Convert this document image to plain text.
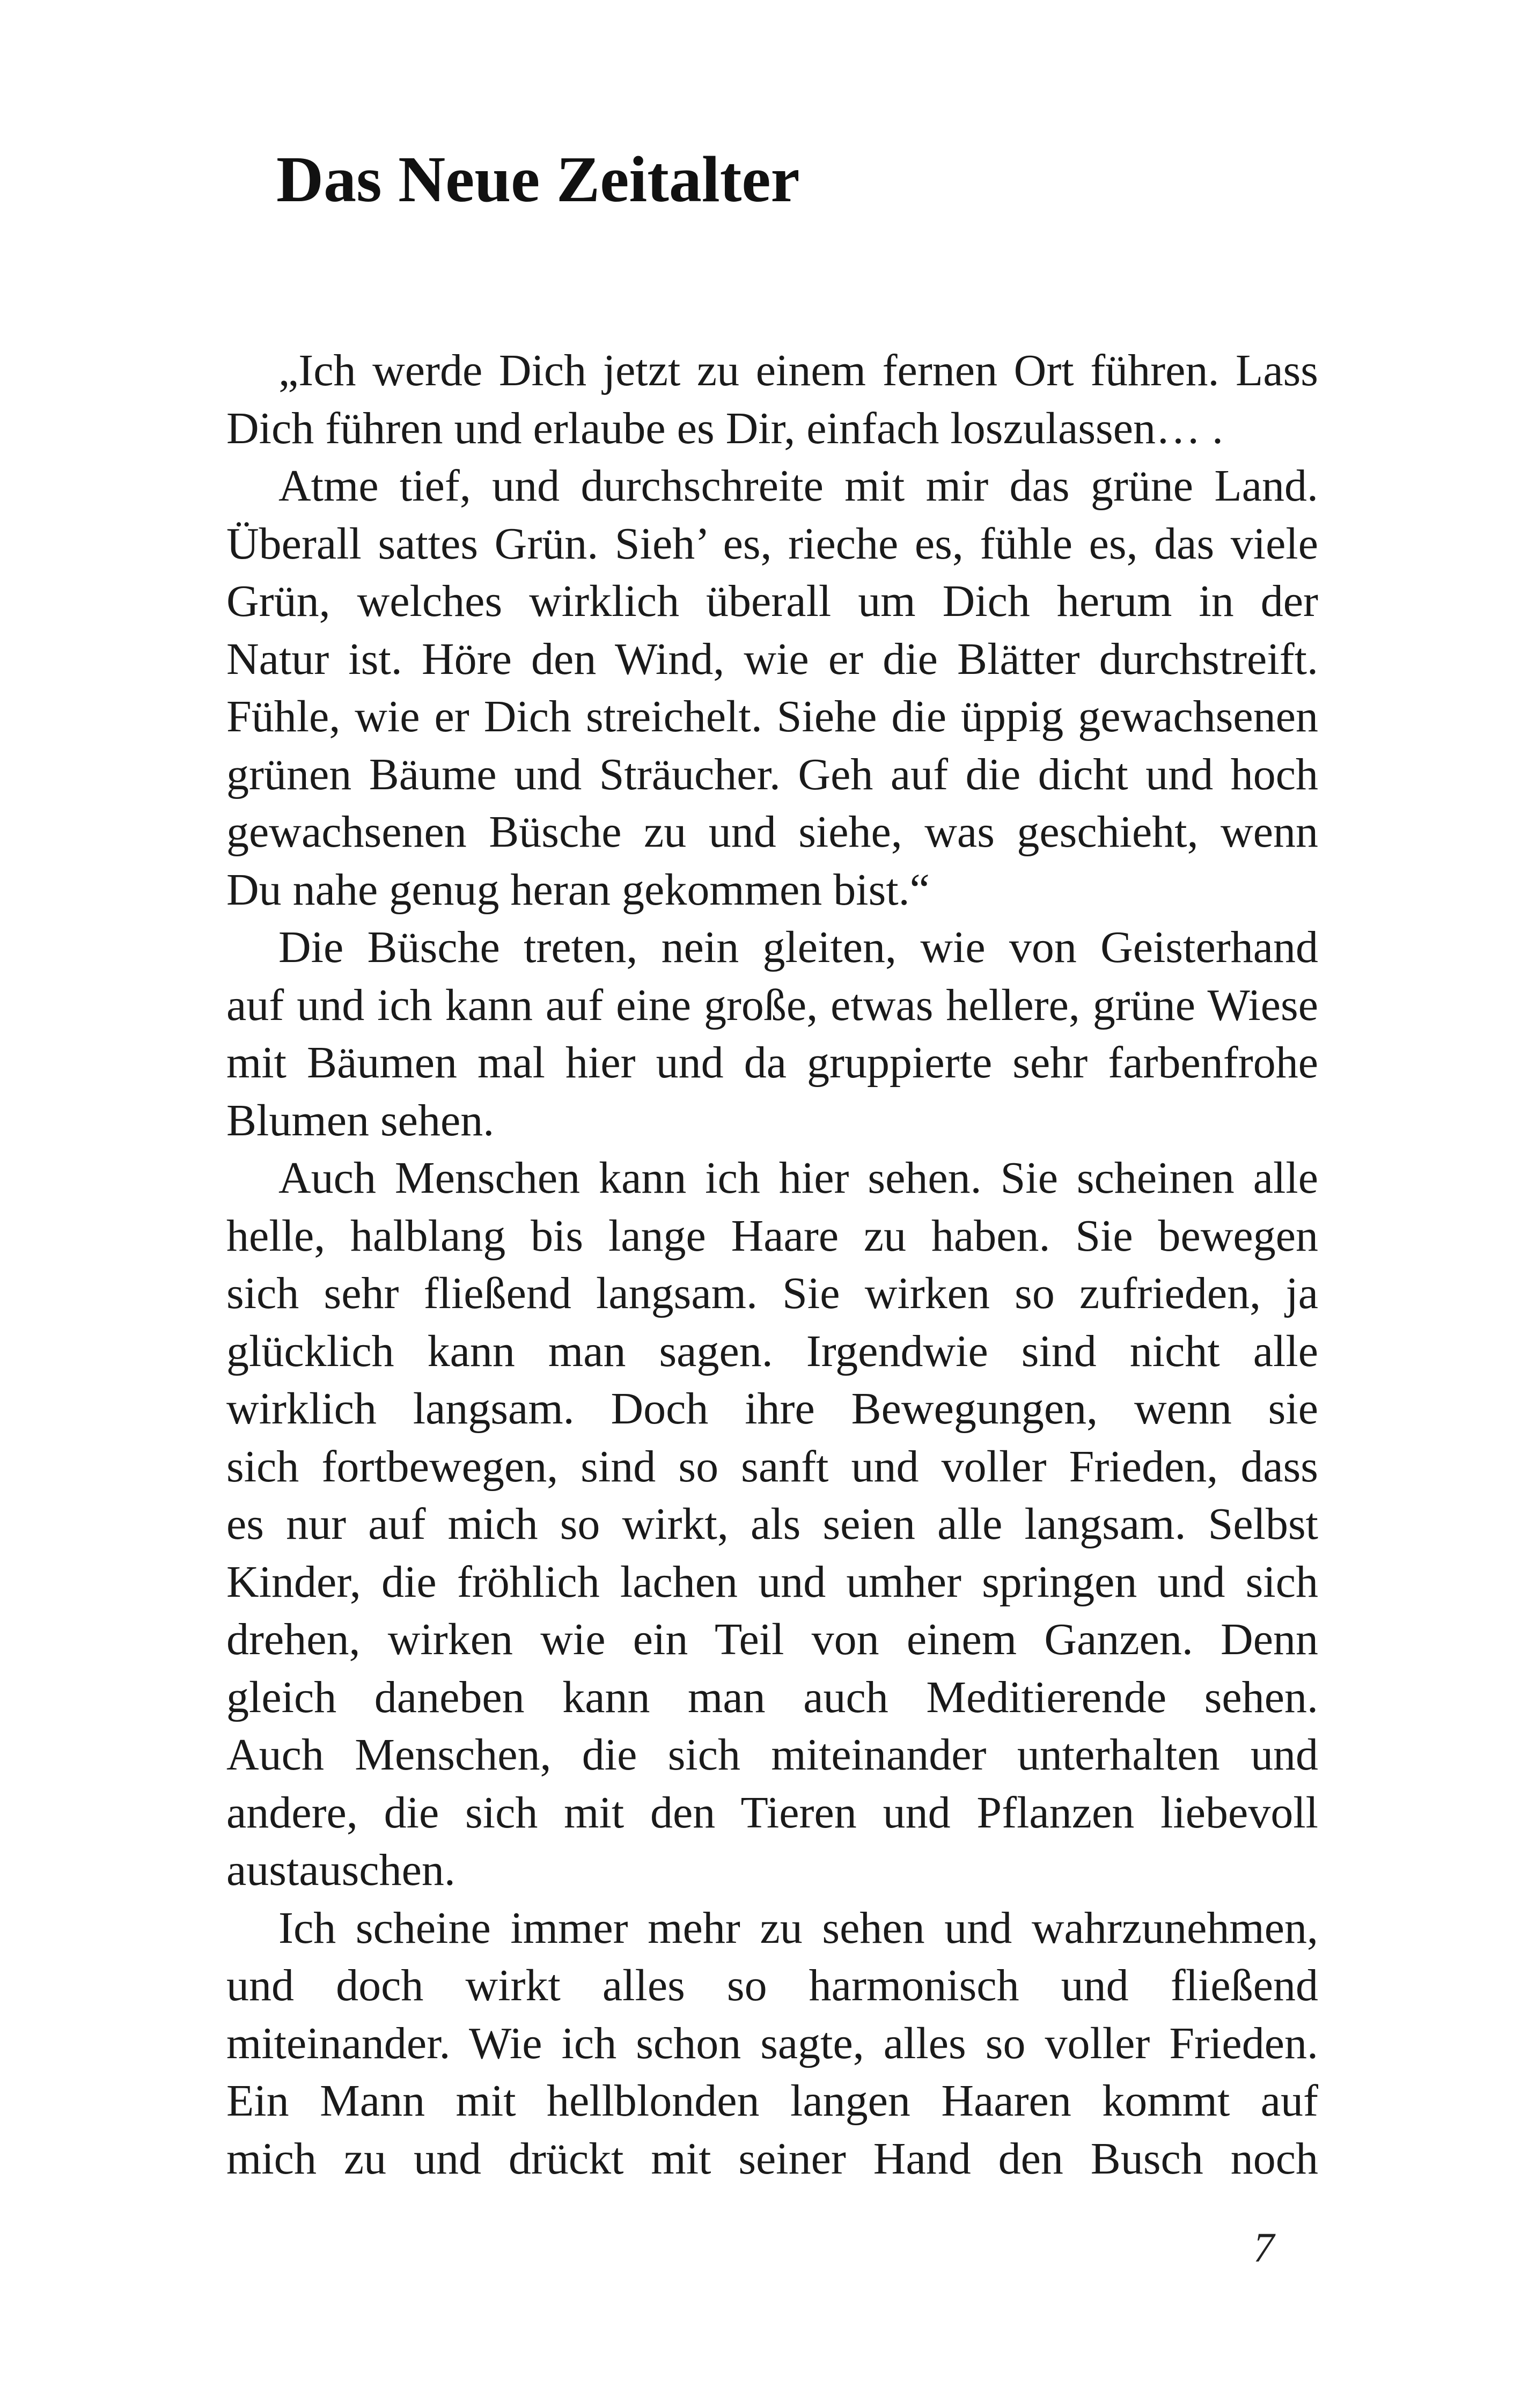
Das Neue Zeitalter
„Ich werde Dich jetzt zu einem fernen Ort führen. Lass
Dich führen und erlaube es Dir, einfach loszulassen… .
Atme tief, und durchschreite mit mir das grüne Land.
Überall sattes Grün. Sieh’ es, rieche es, fühle es, das viele
Grün, welches wirklich überall um Dich herum in der
Natur ist. Höre den Wind, wie er die Blätter durchstreift.
Fühle, wie er Dich streichelt. Siehe die üppig gewachsenen
grünen Bäume und Sträucher. Geh auf die dicht und hoch
gewachsenen Büsche zu und siehe, was geschieht, wenn
Du nahe genug heran gekommen bist.“
Die Büsche treten, nein gleiten, wie von Geisterhand
auf und ich kann auf eine große, etwas hellere, grüne Wiese
mit Bäumen mal hier und da gruppierte sehr farbenfrohe
Blumen sehen.
Auch Menschen kann ich hier sehen. Sie scheinen alle
helle, halblang bis lange Haare zu haben. Sie bewegen
sich sehr fließend langsam. Sie wirken so zufrieden, ja
glücklich kann man sagen. Irgendwie sind nicht alle
wirklich langsam. Doch ihre Bewegungen, wenn sie
sich fortbewegen, sind so sanft und voller Frieden, dass
es nur auf mich so wirkt, als seien alle langsam. Selbst
Kinder, die fröhlich lachen und umher springen und sich
drehen, wirken wie ein Teil von einem Ganzen. Denn
gleich daneben kann man auch Meditierende sehen.
Auch Menschen, die sich miteinander unterhalten und
andere, die sich mit den Tieren und Pflanzen liebevoll
austauschen.
Ich scheine immer mehr zu sehen und wahrzunehmen,
und doch wirkt alles so harmonisch und fließend
miteinander. Wie ich schon sagte, alles so voller Frieden.
Ein Mann mit hellblonden langen Haaren kommt auf
mich zu und drückt mit seiner Hand den Busch noch
7
